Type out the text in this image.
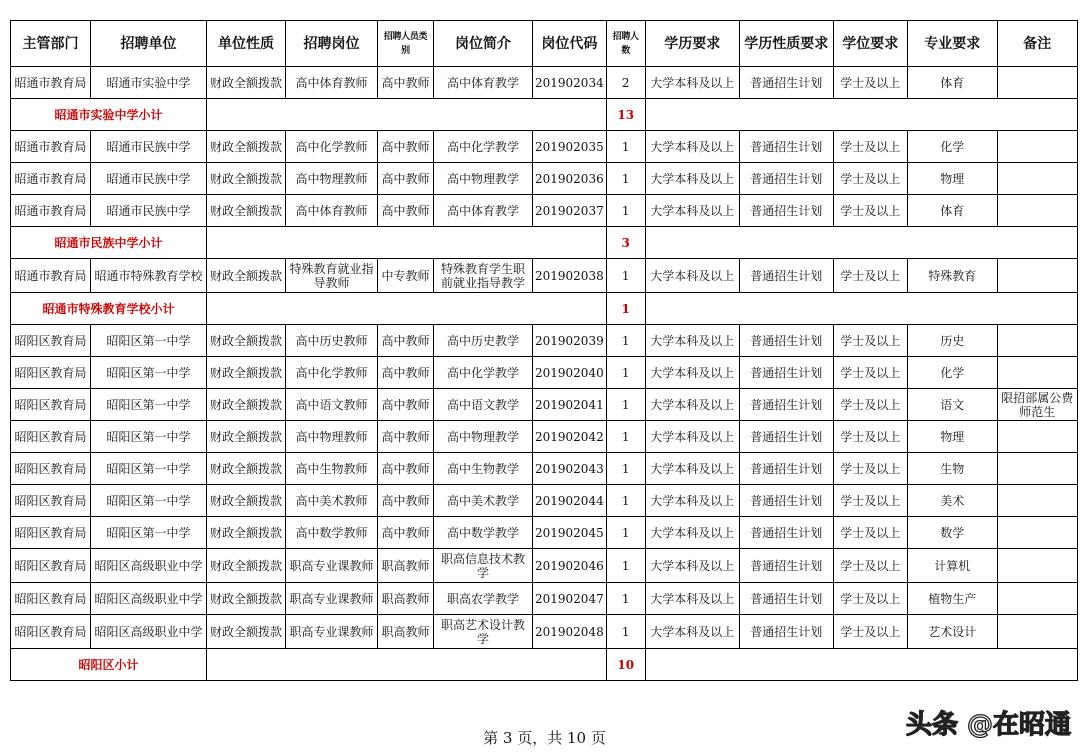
主管部门	招聘单位	单位性质	招聘岗位	招聘人员类别	岗位简介	岗位代码	招聘人数	学历要求	学历性质要求	学位要求	专业要求	备注
昭通市教育局	昭通市实验中学	财政全额拨款	高中体育教师	高中教师	高中体育教学	201902034	2	大学本科及以上	普通招生计划	学士及以上	体育	
昭通市实验中学小计							13					
昭通市教育局	昭通市民族中学	财政全额拨款	高中化学教师	高中教师	高中化学教学	201902035	1	大学本科及以上	普通招生计划	学士及以上	化学	
昭通市教育局	昭通市民族中学	财政全额拨款	高中物理教师	高中教师	高中物理教学	201902036	1	大学本科及以上	普通招生计划	学士及以上	物理	
昭通市教育局	昭通市民族中学	财政全额拨款	高中体育教师	高中教师	高中体育教学	201902037	1	大学本科及以上	普通招生计划	学士及以上	体育	
昭通市民族中学小计							3					
昭通市教育局	昭通市特殊教育学校	财政全额拨款	特殊教育就业指导教师	中专教师	特殊教育学生职前就业指导教学	201902038	1	大学本科及以上	普通招生计划	学士及以上	特殊教育	
昭通市特殊教育学校小计							1					
昭阳区教育局	昭阳区第一中学	财政全额拨款	高中历史教师	高中教师	高中历史教学	201902039	1	大学本科及以上	普通招生计划	学士及以上	历史	
昭阳区教育局	昭阳区第一中学	财政全额拨款	高中化学教师	高中教师	高中化学教学	201902040	1	大学本科及以上	普通招生计划	学士及以上	化学	
昭阳区教育局	昭阳区第一中学	财政全额拨款	高中语文教师	高中教师	高中语文教学	201902041	1	大学本科及以上	普通招生计划	学士及以上	语文	限招部属公费师范生
昭阳区教育局	昭阳区第一中学	财政全额拨款	高中物理教师	高中教师	高中物理教学	201902042	1	大学本科及以上	普通招生计划	学士及以上	物理	
昭阳区教育局	昭阳区第一中学	财政全额拨款	高中生物教师	高中教师	高中生物教学	201902043	1	大学本科及以上	普通招生计划	学士及以上	生物	
昭阳区教育局	昭阳区第一中学	财政全额拨款	高中美术教师	高中教师	高中美术教学	201902044	1	大学本科及以上	普通招生计划	学士及以上	美术	
昭阳区教育局	昭阳区第一中学	财政全额拨款	高中数学教师	高中教师	高中数学教学	201902045	1	大学本科及以上	普通招生计划	学士及以上	数学	
昭阳区教育局	昭阳区高级职业中学	财政全额拨款	职高专业课教师	职高教师	职高信息技术教学	201902046	1	大学本科及以上	普通招生计划	学士及以上	计算机	
昭阳区教育局	昭阳区高级职业中学	财政全额拨款	职高专业课教师	职高教师	职高农学教学	201902047	1	大学本科及以上	普通招生计划	学士及以上	植物生产	
昭阳区教育局	昭阳区高级职业中学	财政全额拨款	职高专业课教师	职高教师	职高艺术设计教学	201902048	1	大学本科及以上	普通招生计划	学士及以上	艺术设计	
昭阳区小计							10					
第 3 页，共 10 页	头条 @在昭通
